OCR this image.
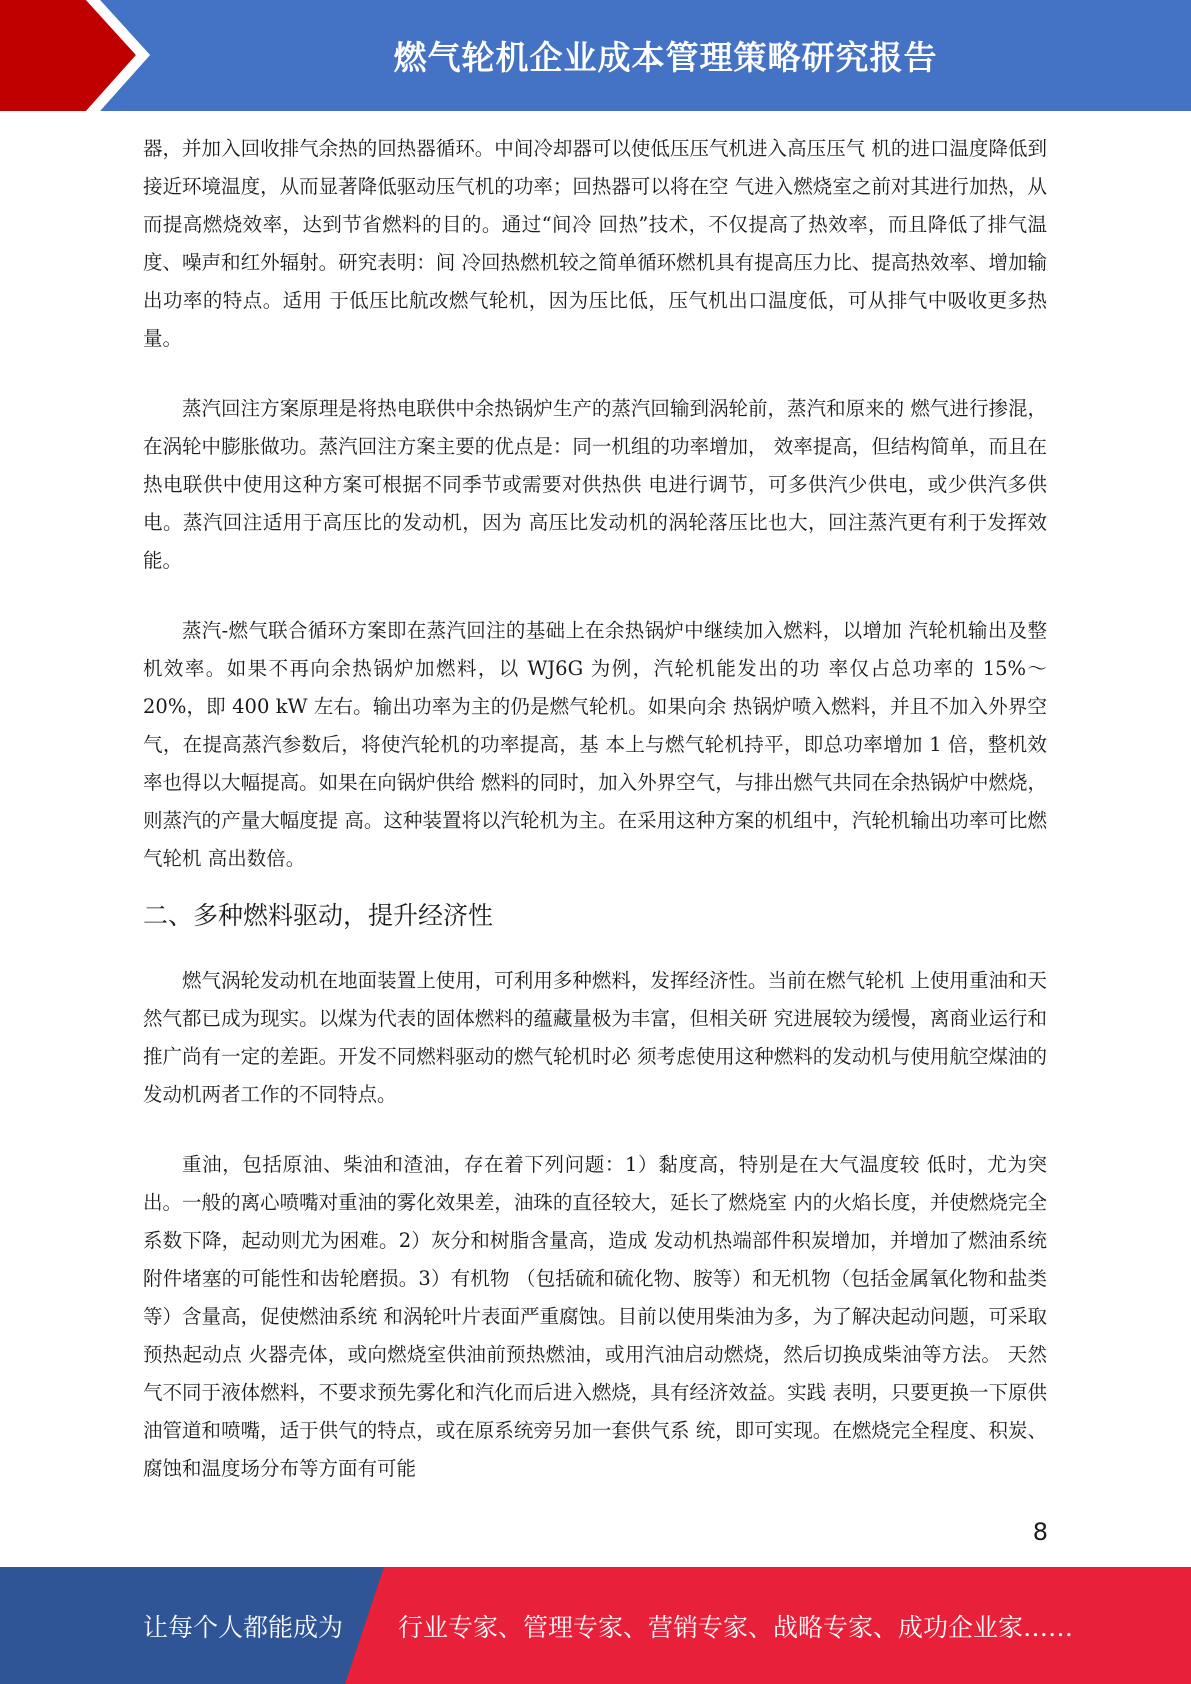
燃气轮机企业成本管理策略研究报告

器，并加入回收排气余热的回热器循环。中间冷却器可以使低压压气机进入高压压气 机的进口温度降低到接近环境温度，从而显著降低驱动压气机的功率；回热器可以将在空 气进入燃烧室之前对其进行加热，从而提高燃烧效率，达到节省燃料的目的。通过“间冷 回热”技术，不仅提高了热效率，而且降低了排气温度、噪声和红外辐射。研究表明：间 冷回热燃机较之简单循环燃机具有提高压力比、提高热效率、增加输出功率的特点。适用 于低压比航改燃气轮机，因为压比低，压气机出口温度低，可从排气中吸收更多热量。

蒸汽回注方案原理是将热电联供中余热锅炉生产的蒸汽回输到涡轮前，蒸汽和原来的 燃气进行掺混，在涡轮中膨胀做功。蒸汽回注方案主要的优点是：同一机组的功率增加， 效率提高，但结构简单，而且在热电联供中使用这种方案可根据不同季节或需要对供热供 电进行调节，可多供汽少供电，或少供汽多供电。蒸汽回注适用于高压比的发动机，因为 高压比发动机的涡轮落压比也大，回注蒸汽更有利于发挥效能。

蒸汽-燃气联合循环方案即在蒸汽回注的基础上在余热锅炉中继续加入燃料，以增加 汽轮机输出及整机效率。如果不再向余热锅炉加燃料，以 WJ6G 为例，汽轮机能发出的功 率仅占总功率的 15%～20%，即 400 kW 左右。输出功率为主的仍是燃气轮机。如果向余 热锅炉喷入燃料，并且不加入外界空气，在提高蒸汽参数后，将使汽轮机的功率提高，基 本上与燃气轮机持平，即总功率增加 1 倍，整机效率也得以大幅提高。如果在向锅炉供给 燃料的同时，加入外界空气，与排出燃气共同在余热锅炉中燃烧，则蒸汽的产量大幅度提 高。这种装置将以汽轮机为主。在采用这种方案的机组中，汽轮机输出功率可比燃气轮机 高出数倍。

二、多种燃料驱动，提升经济性

燃气涡轮发动机在地面装置上使用，可利用多种燃料，发挥经济性。当前在燃气轮机 上使用重油和天然气都已成为现实。以煤为代表的固体燃料的蕴藏量极为丰富，但相关研 究进展较为缓慢，离商业运行和推广尚有一定的差距。开发不同燃料驱动的燃气轮机时必 须考虑使用这种燃料的发动机与使用航空煤油的发动机两者工作的不同特点。

重油，包括原油、柴油和渣油，存在着下列问题：1）黏度高，特别是在大气温度较 低时，尤为突出。一般的离心喷嘴对重油的雾化效果差，油珠的直径较大，延长了燃烧室 内的火焰长度，并使燃烧完全系数下降，起动则尤为困难。2）灰分和树脂含量高，造成 发动机热端部件积炭增加，并增加了燃油系统附件堵塞的可能性和齿轮磨损。3）有机物 （包括硫和硫化物、胺等）和无机物（包括金属氧化物和盐类等）含量高，促使燃油系统 和涡轮叶片表面严重腐蚀。目前以使用柴油为多，为了解决起动问题，可采取预热起动点 火器壳体，或向燃烧室供油前预热燃油，或用汽油启动燃烧，然后切换成柴油等方法。 天然气不同于液体燃料，不要求预先雾化和汽化而后进入燃烧，具有经济效益。实践 表明，只要更换一下原供油管道和喷嘴，适于供气的特点，或在原系统旁另加一套供气系 统，即可实现。在燃烧完全程度、积炭、腐蚀和温度场分布等方面有可能

8
让每个人都能成为 行业专家、管理专家、营销专家、战略专家、成功企业家……
